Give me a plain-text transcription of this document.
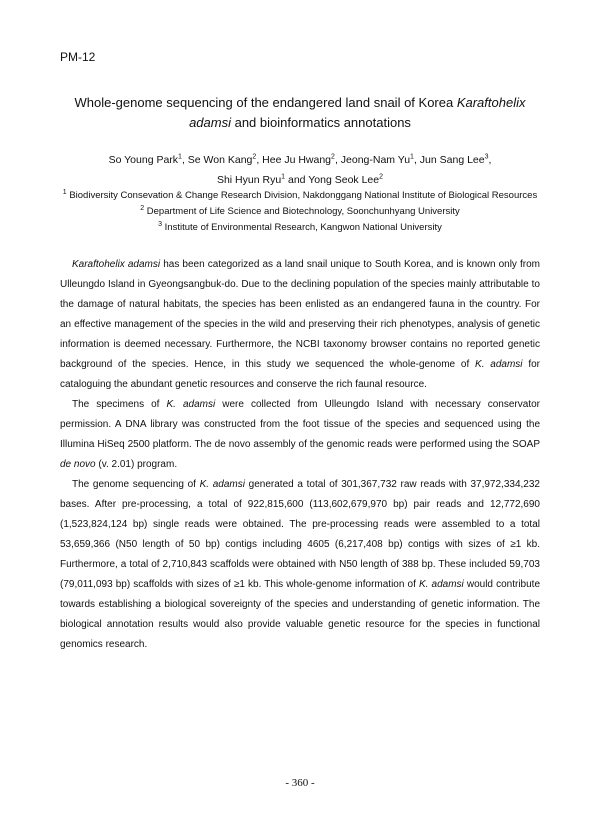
PM-12
Whole-genome sequencing of the endangered land snail of Korea Karaftohelix adamsi and bioinformatics annotations
So Young Park$^1$, Se Won Kang$^2$, Hee Ju Hwang$^2$, Jeong-Nam Yu$^1$, Jun Sang Lee$^3$,
Shi Hyun Ryu$^1$ and Yong Seok Lee$^2$
$^1$ Biodiversity Consevation & Change Research Division, Nakdonggang National Institute of Biological Resources
$^2$ Department of Life Science and Biotechnology, Soonchunhyang University
$^3$ Institute of Environmental Research, Kangwon National University

Karaftohelix adamsi has been categorized as a land snail unique to South Korea, and is known only from Ulleungdo Island in Gyeongsangbuk-do. Due to the declining population of the species mainly attributable to the damage of natural habitats, the species has been enlisted as an endangered fauna in the country. For an effective management of the species in the wild and preserving their rich phenotypes, analysis of genetic information is deemed necessary. Furthermore, the NCBI taxonomy browser contains no reported genetic background of the species. Hence, in this study we sequenced the whole-genome of K. adamsi for cataloguing the abundant genetic resources and conserve the rich faunal resource.

The specimens of K. adamsi were collected from Ulleungdo Island with necessary conservator permission. A DNA library was constructed from the foot tissue of the species and sequenced using the Illumina HiSeq 2500 platform. The de novo assembly of the genomic reads were performed using the SOAP de novo (v. 2.01) program.

The genome sequencing of K. adamsi generated a total of 301,367,732 raw reads with 37,972,334,232 bases. After pre-processing, a total of 922,815,600 (113,602,679,970 bp) pair reads and 12,772,690 (1,523,824,124 bp) single reads were obtained. The pre-processing reads were assembled to a total 53,659,366 (N50 length of 50 bp) contigs including 4605 (6,217,408 bp) contigs with sizes of ≥1 kb. Furthermore, a total of 2,710,843 scaffolds were obtained with N50 length of 388 bp. These included 59,703 (79,011,093 bp) scaffolds with sizes of ≥1 kb. This whole-genome information of K. adamsi would contribute towards establishing a biological sovereignty of the species and understanding of genetic information. The biological annotation results would also provide valuable genetic resource for the species in functional genomics research.

- 360 -
